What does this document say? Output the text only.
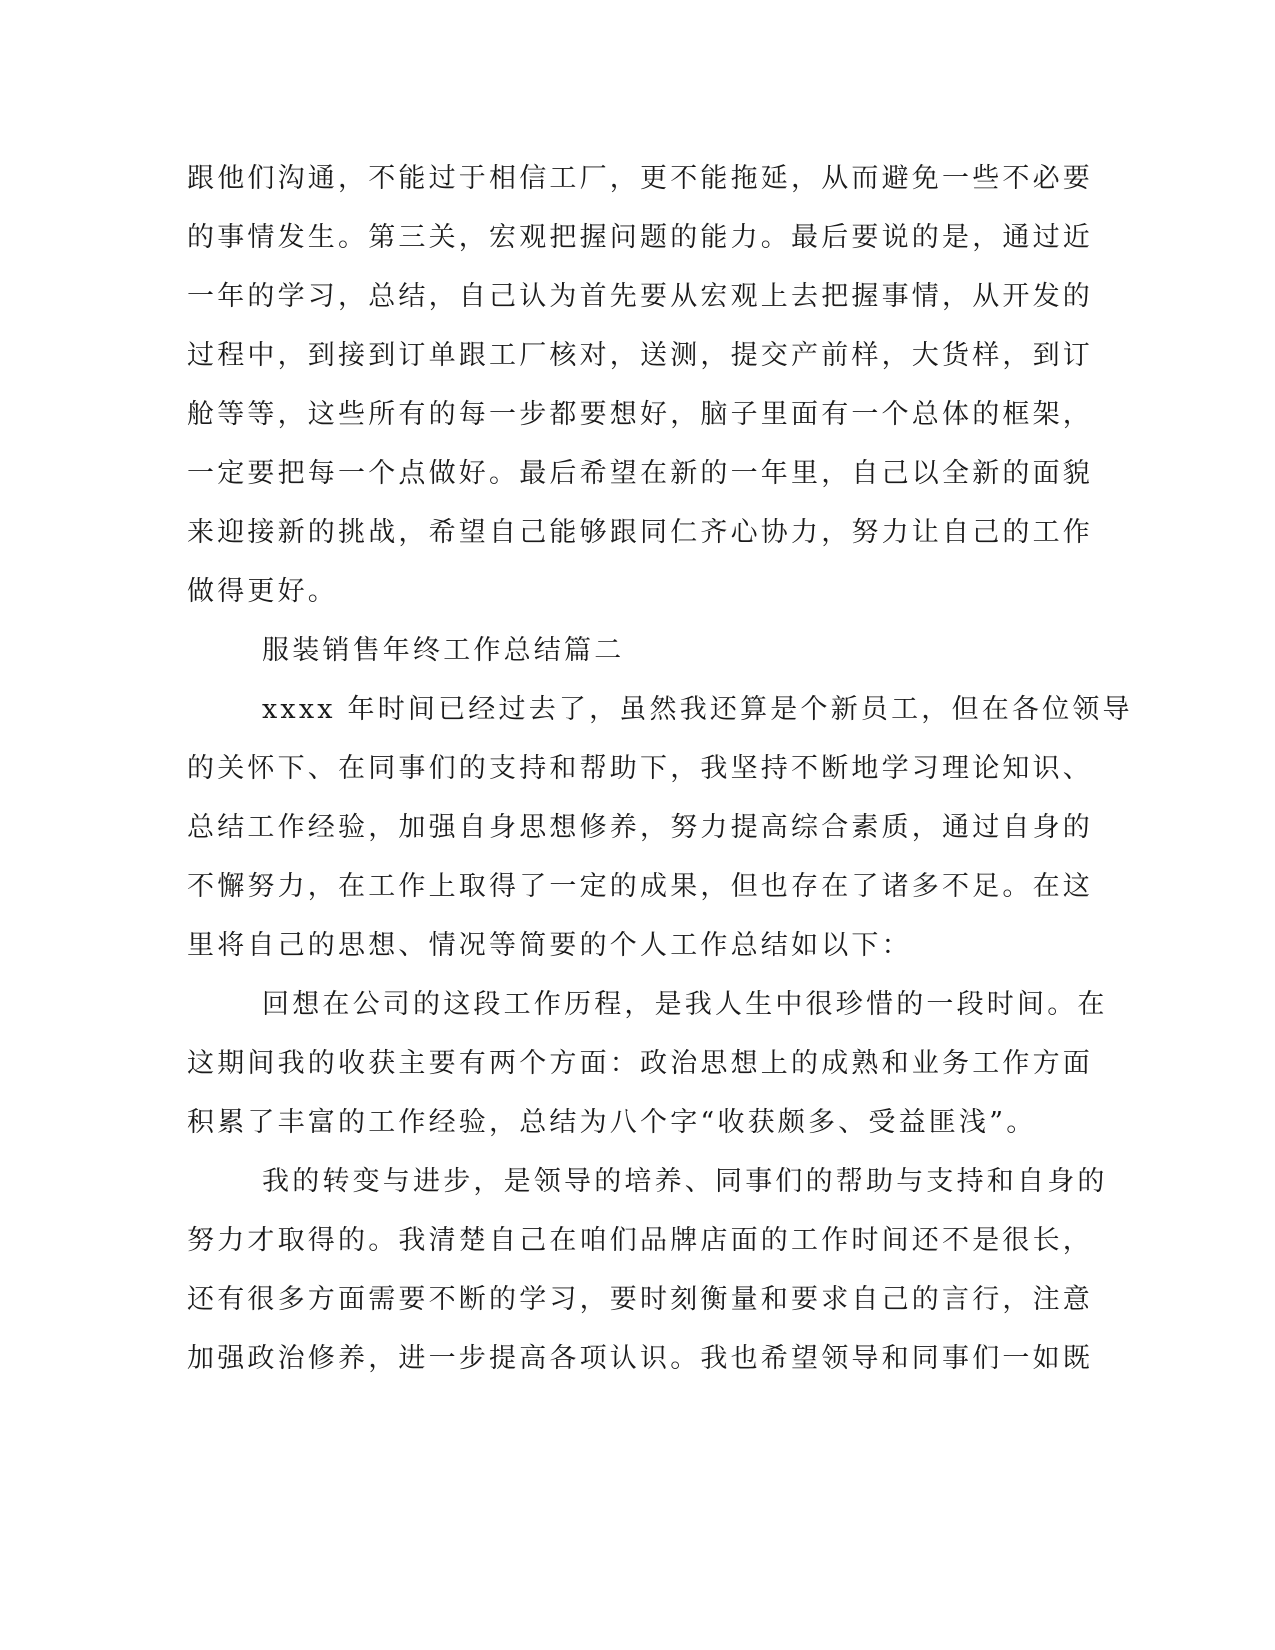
跟他们沟通，不能过于相信工厂，更不能拖延，从而避免一些不必要
的事情发生。第三关，宏观把握问题的能力。最后要说的是，通过近
一年的学习，总结，自己认为首先要从宏观上去把握事情，从开发的
过程中，到接到订单跟工厂核对，送测，提交产前样，大货样，到订
舱等等，这些所有的每一步都要想好，脑子里面有一个总体的框架，
一定要把每一个点做好。最后希望在新的一年里，自己以全新的面貌
来迎接新的挑战，希望自己能够跟同仁齐心协力，努力让自己的工作
做得更好。
服装销售年终工作总结篇二
xxxx 年时间已经过去了，虽然我还算是个新员工，但在各位领导
的关怀下、在同事们的支持和帮助下，我坚持不断地学习理论知识、
总结工作经验，加强自身思想修养，努力提高综合素质，通过自身的
不懈努力，在工作上取得了一定的成果，但也存在了诸多不足。在这
里将自己的思想、情况等简要的个人工作总结如以下：
回想在公司的这段工作历程，是我人生中很珍惜的一段时间。在
这期间我的收获主要有两个方面：政治思想上的成熟和业务工作方面
积累了丰富的工作经验，总结为八个字“收获颇多、受益匪浅”。
我的转变与进步，是领导的培养、同事们的帮助与支持和自身的
努力才取得的。我清楚自己在咱们品牌店面的工作时间还不是很长，
还有很多方面需要不断的学习，要时刻衡量和要求自己的言行，注意
加强政治修养，进一步提高各项认识。我也希望领导和同事们一如既
